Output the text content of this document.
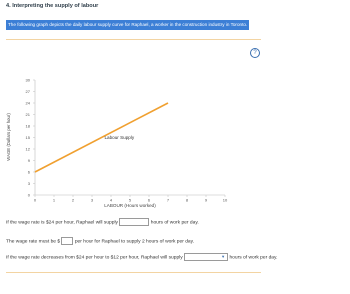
4. Interpreting the supply of labour
The following graph depicts the daily labour supply curve for Raphael, a worker in the construction industry in Toronto.
?
0	1	2	3	4	5	6	7	8	9	10
0
3
6
9
12
15
18
21
24
27
30
Labour Supply
LABOUR (Hours worked)
WAGE (Dollars per hour)
If the wage rate is $24 per hour, Raphael will supply	hours of work per day.
The wage rate must be $	per hour for Raphael to supply 2 hours of work per day.
If the wage rate decreases from $24 per hour to $12 per hour, Raphael will supply	▼ hours of work per day.
